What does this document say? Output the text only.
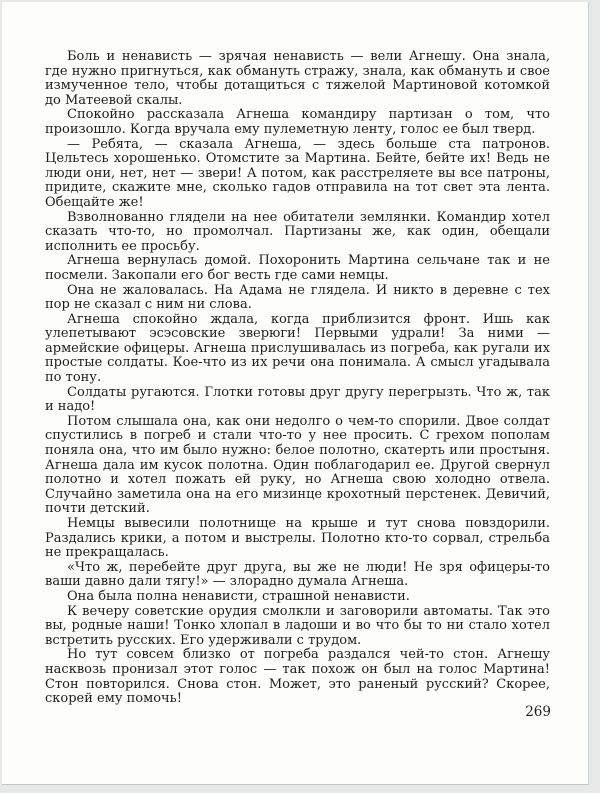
Боль и ненависть — зрячая ненависть — вели Агнешу. Она знала, где нужно пригнуться, как обмануть стражу, знала, как обмануть и свое измученное тело, чтобы дотащиться с тяжелой Мартиновой котомкой до Матеевой скалы.

Спокойно рассказала Агнеша командиру партизан о том, что произошло. Когда вручала ему пулеметную ленту, голос ее был тверд.

— Ребята, — сказала Агнеша, — здесь больше ста патронов. Цельтесь хорошенько. Отомстите за Мартина. Бейте, бейте их! Ведь не люди они, нет, нет — звери! А потом, как расстреляете вы все патроны, придите, скажите мне, сколько гадов отправила на тот свет эта лента. Обещайте же!

Взволнованно глядели на нее обитатели землянки. Командир хотел сказать что-то, но промолчал. Партизаны же, как один, обещали исполнить ее просьбу.

Агнеша вернулась домой. Похоронить Мартина сельчане так и не посмели. Закопали его бог весть где сами немцы.

Она не жаловалась. На Адама не глядела. И никто в деревне с тех пор не сказал с ним ни слова.

Агнеша спокойно ждала, когда приблизится фронт. Ишь как улепетывают эсэсовские зверюги! Первыми удрали! За ними — армейские офицеры. Агнеша прислушивалась из погреба, как ругали их простые солдаты. Кое-что из их речи она понимала. А смысл угадывала по тону.

Солдаты ругаются. Глотки готовы друг другу перегрызть. Что ж, так и надо!

Потом слышала она, как они недолго о чем-то спорили. Двое солдат спустились в погреб и стали что-то у нее просить. С грехом пополам поняла она, что им было нужно: белое полотно, скатерть или простыня. Агнеша дала им кусок полотна. Один поблагодарил ее. Другой свернул полотно и хотел пожать ей руку, но Агнеша свою холодно отвела. Случайно заметила она на его мизинце крохотный перстенек. Девичий, почти детский.

Немцы вывесили полотнище на крыше и тут снова повздорили. Раздались крики, а потом и выстрелы. Полотно кто-то сорвал, стрельба не прекращалась.

«Что ж, перебейте друг друга, вы же не люди! Не зря офицеры-то ваши давно дали тягу!» — злорадно думала Агнеша.

Она была полна ненависти, страшной ненависти.

К вечеру советские орудия смолкли и заговорили автоматы. Так это вы, родные наши! Тонко хлопал в ладоши и во что бы то ни стало хотел встретить русских. Его удерживали с трудом.

Но тут совсем близко от погреба раздался чей-то стон. Агнешу насквозь пронизал этот голос — так похож он был на голос Мартина! Стон повторился. Снова стон. Может, это раненый русский? Скорее, скорей ему помочь!

269
